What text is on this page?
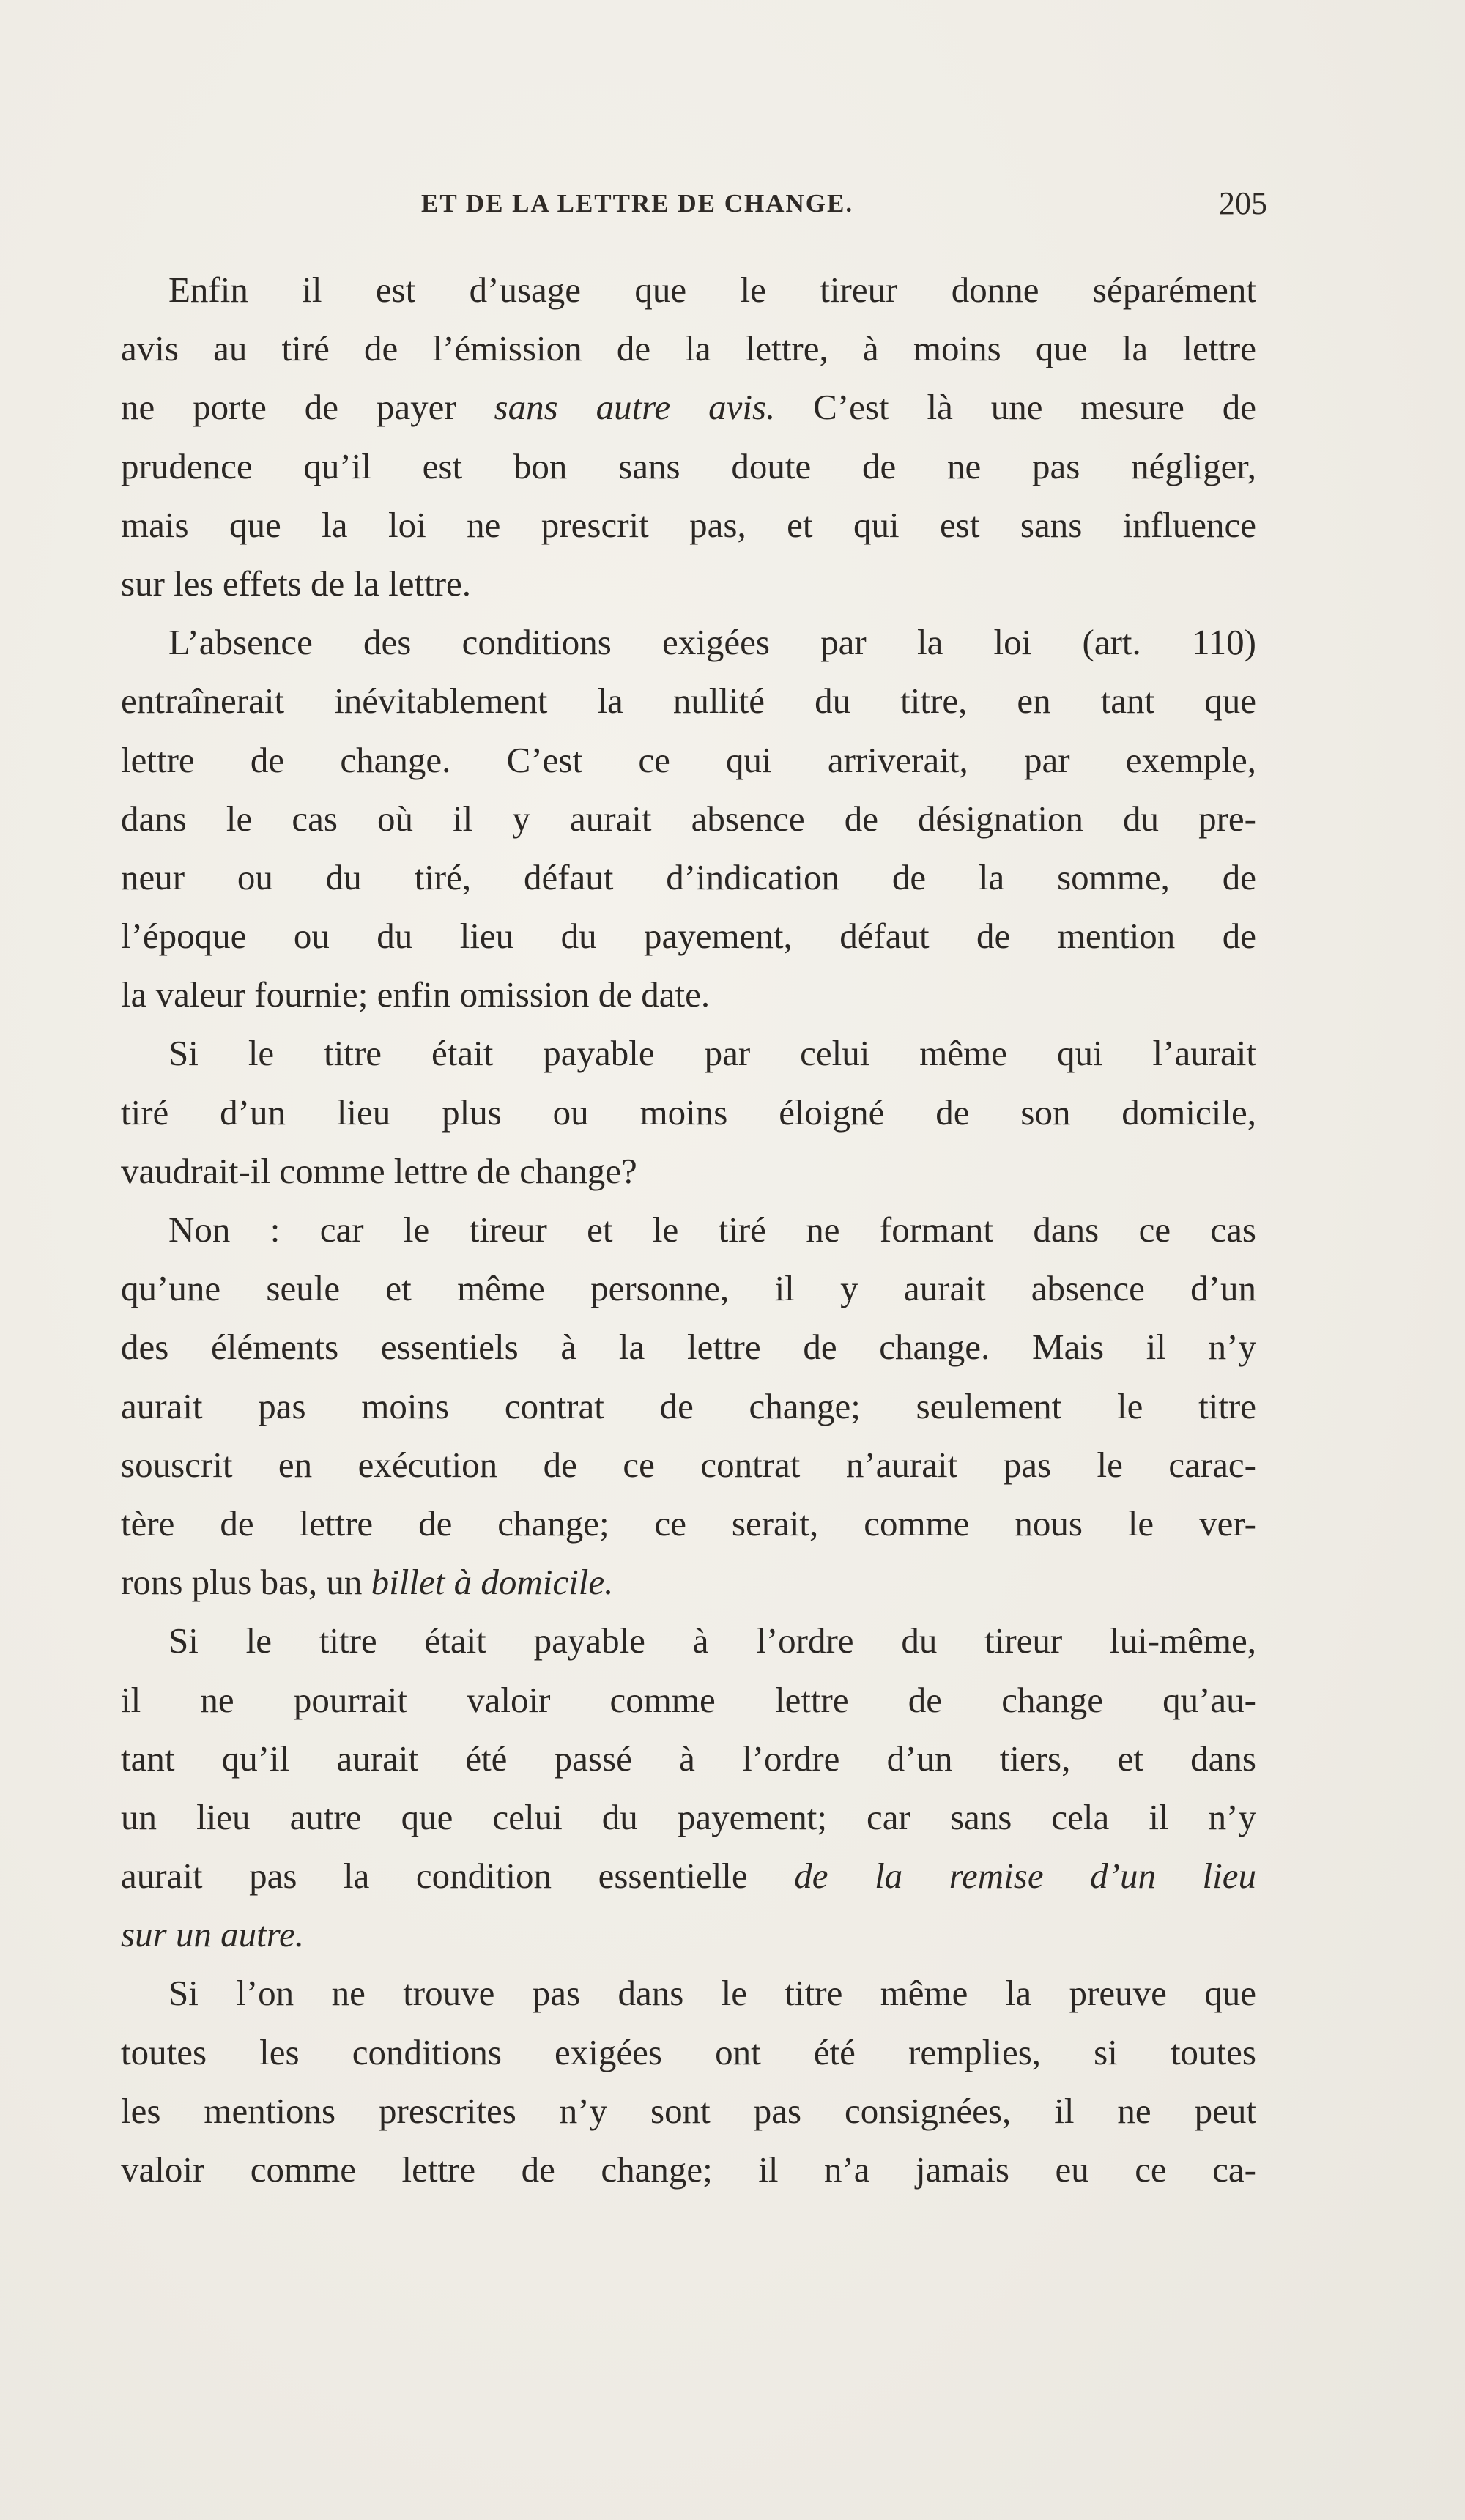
ET DE LA LETTRE DE CHANGE.	205
Enfin il est d’usage que le tireur donne séparément
avis au tiré de l’émission de la lettre, à moins que la lettre
ne porte de payer sans autre avis. C’est là une mesure de
prudence qu’il est bon sans doute de ne pas négliger,
mais que la loi ne prescrit pas, et qui est sans influence
sur les effets de la lettre.
L’absence des conditions exigées par la loi (art. 110)
entraînerait inévitablement la nullité du titre, en tant que
lettre de change. C’est ce qui arriverait, par exemple,
dans le cas où il y aurait absence de désignation du pre-
neur ou du tiré, défaut d’indication de la somme, de
l’époque ou du lieu du payement, défaut de mention de
la valeur fournie; enfin omission de date.
Si le titre était payable par celui même qui l’aurait
tiré d’un lieu plus ou moins éloigné de son domicile,
vaudrait-il comme lettre de change?
Non : car le tireur et le tiré ne formant dans ce cas
qu’une seule et même personne, il y aurait absence d’un
des éléments essentiels à la lettre de change. Mais il n’y
aurait pas moins contrat de change; seulement le titre
souscrit en exécution de ce contrat n’aurait pas le carac-
tère de lettre de change; ce serait, comme nous le ver-
rons plus bas, un billet à domicile.
Si le titre était payable à l’ordre du tireur lui-même,
il ne pourrait valoir comme lettre de change qu’au-
tant qu’il aurait été passé à l’ordre d’un tiers, et dans
un lieu autre que celui du payement; car sans cela il n’y
aurait pas la condition essentielle de la remise d’un lieu
sur un autre.
Si l’on ne trouve pas dans le titre même la preuve que
toutes les conditions exigées ont été remplies, si toutes
les mentions prescrites n’y sont pas consignées, il ne peut
valoir comme lettre de change; il n’a jamais eu ce ca-
